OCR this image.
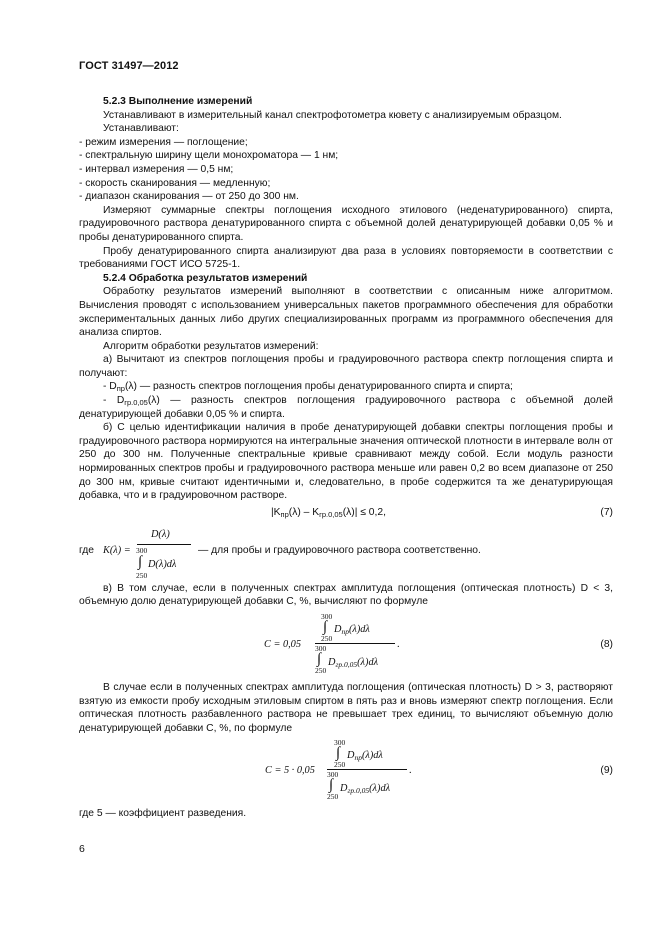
ГОСТ 31497—2012

5.2.3 Выполнение измерений

Устанавливают в измерительный канал спектрофотометра кювету с анализируемым образцом.

Устанавливают:

- режим измерения — поглощение;

- спектральную ширину щели монохроматора — 1 нм;

- интервал измерения — 0,5 нм;

- скорость сканирования — медленную;

- диапазон сканирования — от 250 до 300 нм.

Измеряют суммарные спектры поглощения исходного этилового (неденатурированного) спирта, градуировочного раствора денатурированного спирта с объемной долей денатурирующей добавки 0,05 % и пробы денатурированного спирта.

Пробу денатурированного спирта анализируют два раза в условиях повторяемости в соответствии с требованиями ГОСТ ИСО 5725-1.

5.2.4 Обработка результатов измерений

Обработку результатов измерений выполняют в соответствии с описанным ниже алгоритмом. Вычисления проводят с использованием универсальных пакетов программного обеспечения для обработки экспериментальных данных либо других специализированных программ из программного обеспечения для анализа спиртов.

Алгоритм обработки результатов измерений:

а) Вычитают из спектров поглощения пробы и градуировочного раствора спектр поглощения спирта и получают:

- $D_{пр}(\lambda)$ — разность спектров поглощения пробы денатурированного спирта и спирта;

- $D_{гр.0,05}(\lambda)$ — разность спектров поглощения градуировочного раствора с объемной долей денатурирующей добавки 0,05 % и спирта.

б) С целью идентификации наличия в пробе денатурирующей добавки спектры поглощения пробы и градуировочного раствора нормируются на интегральные значения оптической плотности в интервале волн от 250 до 300 нм. Полученные спектральные кривые сравнивают между собой. Если модуль разности нормированных спектров пробы и градуировочного раствора меньше или равен 0,2 во всем диапазоне от 250 до 300 нм, кривые считают идентичными и, следовательно, в пробе содержится та же денатурирующая добавка, что и в градуировочном растворе.

$|K_{пр}(\lambda) - K_{гр.0,05}(\lambda)| \le 0,2$,	(7)
где K(λ) =
D(λ)
300
∫ D(λ)dλ
250
— для пробы и градуировочного раствора соответственно.

в) В том случае, если в полученных спектрах амплитуда поглощения (оптическая плотность) D < 3, объемную долю денатурирующей добавки C, %, вычисляют по формуле

C = 0,05
300
∫ $D_{пр}(\lambda)d\lambda$
250
.
300
∫ $D_{гр.0,05}(\lambda)d\lambda$
250
(8)

В случае если в полученных спектрах амплитуда поглощения (оптическая плотность) D > 3, растворяют взятую из емкости пробу исходным этиловым спиртом в пять раз и вновь измеряют спектр поглощения. Если оптическая плотность разбавленного раствора не превышает трех единиц, то вычисляют объемную долю денатурирующей добавки C, %, по формуле

C = 5 · 0,05
300
∫ $D_{пр}(\lambda)d\lambda$
250
.
300
∫ $D_{гр.0,05}(\lambda)d\lambda$
250
(9)

где 5 — коэффициент разведения.

6
